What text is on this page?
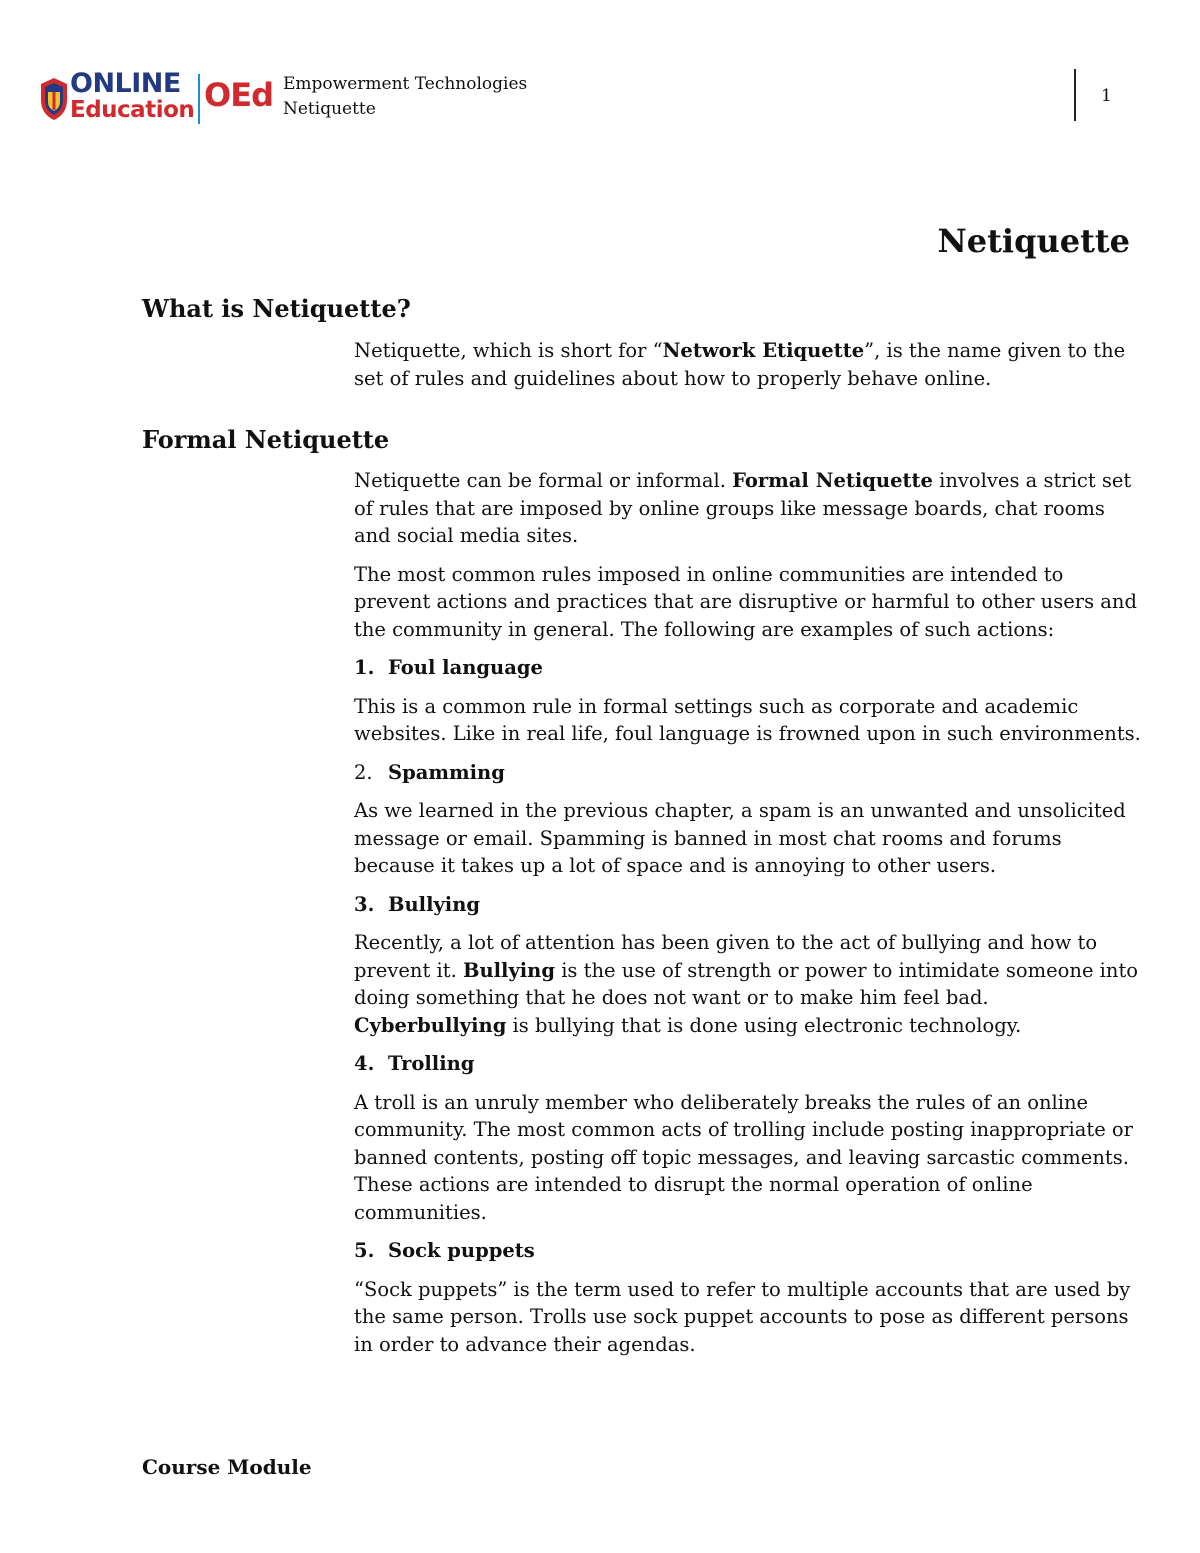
ONLINE
Education OEd Empowerment Technologies
Netiquette
1
Netiquette
What is Netiquette?

Netiquette, which is short for “Network Etiquette”, is the name given to the set of rules and guidelines about how to properly behave online.

Formal Netiquette

Netiquette can be formal or informal. Formal Netiquette involves a strict set of rules that are imposed by online groups like message boards, chat rooms and social media sites.

The most common rules imposed in online communities are intended to prevent actions and practices that are disruptive or harmful to other users and the community in general. The following are examples of such actions:

1. Foul language

This is a common rule in formal settings such as corporate and academic websites. Like in real life, foul language is frowned upon in such environments.

2. Spamming

As we learned in the previous chapter, a spam is an unwanted and unsolicited message or email. Spamming is banned in most chat rooms and forums because it takes up a lot of space and is annoying to other users.

3. Bullying

Recently, a lot of attention has been given to the act of bullying and how to prevent it. Bullying is the use of strength or power to intimidate someone into doing something that he does not want or to make him feel bad. Cyberbullying is bullying that is done using electronic technology.

4. Trolling

A troll is an unruly member who deliberately breaks the rules of an online community. The most common acts of trolling include posting inappropriate or banned contents, posting off topic messages, and leaving sarcastic comments. These actions are intended to disrupt the normal operation of online communities.

5. Sock puppets

“Sock puppets” is the term used to refer to multiple accounts that are used by the same person. Trolls use sock puppet accounts to pose as different persons in order to advance their agendas.

Course Module
